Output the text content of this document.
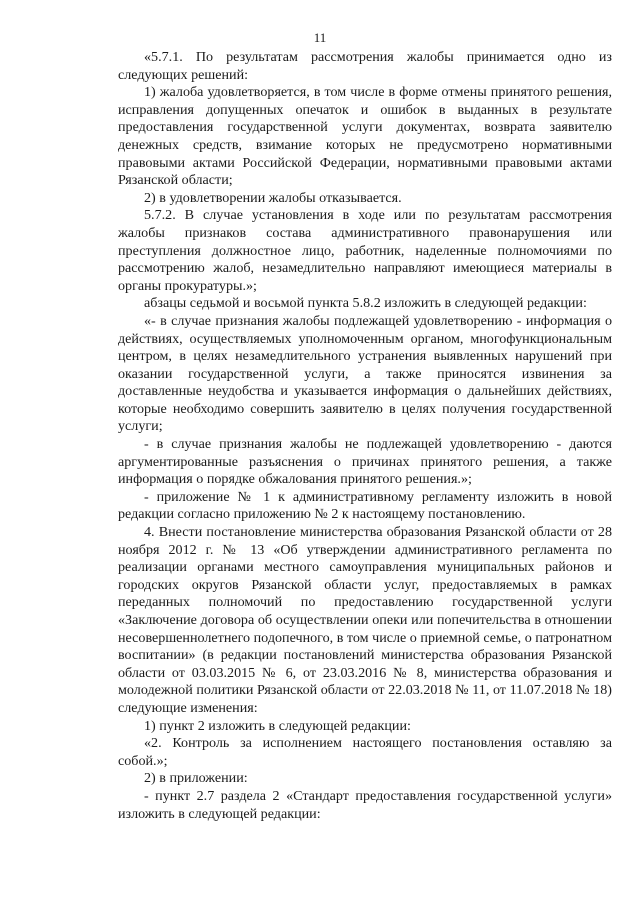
11

«5.7.1. По результатам рассмотрения жалобы принимается одно из следующих решений:

1) жалоба удовлетворяется, в том числе в форме отмены принятого решения, исправления допущенных опечаток и ошибок в выданных в результате предоставления государственной услуги документах, возврата заявителю денежных средств, взимание которых не предусмотрено нормативными правовыми актами Российской Федерации, нормативными правовыми актами Рязанской области;

2) в удовлетворении жалобы отказывается.

5.7.2. В случае установления в ходе или по результатам рассмотрения жалобы признаков состава административного правонарушения или преступления должностное лицо, работник, наделенные полномочиями по рассмотрению жалоб, незамедлительно направляют имеющиеся материалы в органы прокуратуры.»;

абзацы седьмой и восьмой пункта 5.8.2 изложить в следующей редакции:

«- в случае признания жалобы подлежащей удовлетворению - информация о действиях, осуществляемых уполномоченным органом, многофункциональным центром, в целях незамедлительного устранения выявленных нарушений при оказании государственной услуги, а также приносятся извинения за доставленные неудобства и указывается информация о дальнейших действиях, которые необходимо совершить заявителю в целях получения государственной услуги;

- в случае признания жалобы не подлежащей удовлетворению - даются аргументированные разъяснения о причинах принятого решения, а также информация о порядке обжалования принятого решения.»;

- приложение № 1 к административному регламенту изложить в новой редакции согласно приложению № 2 к настоящему постановлению.

4. Внести постановление министерства образования Рязанской области от 28 ноября 2012 г. № 13 «Об утверждении административного регламента по реализации органами местного самоуправления муниципальных районов и городских округов Рязанской области услуг, предоставляемых в рамках переданных полномочий по предоставлению государственной услуги «Заключение договора об осуществлении опеки или попечительства в отношении несовершеннолетнего подопечного, в том числе о приемной семье, о патронатном воспитании» (в редакции постановлений министерства образования Рязанской области от 03.03.2015 № 6, от 23.03.2016 № 8, министерства образования и молодежной политики Рязанской области от 22.03.2018 № 11, от 11.07.2018 № 18) следующие изменения:

1) пункт 2 изложить в следующей редакции:

«2. Контроль за исполнением настоящего постановления оставляю за собой.»;

2) в приложении:

- пункт 2.7 раздела 2 «Стандарт предоставления государственной услуги» изложить в следующей редакции:
